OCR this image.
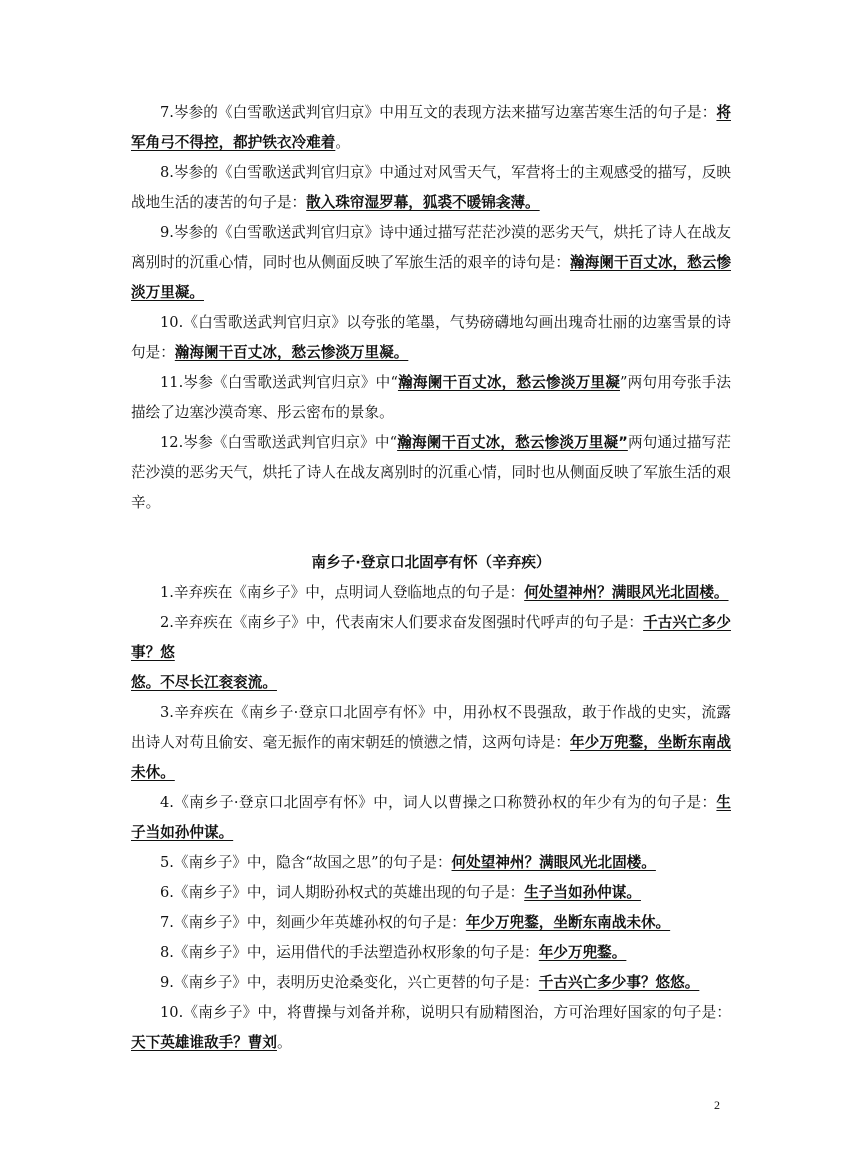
7.岑参的《白雪歌送武判官归京》中用互文的表现方法来描写边塞苦寒生活的句子是：将军角弓不得控，都护铁衣冷难着。

8.岑参的《白雪歌送武判官归京》中通过对风雪天气，军营将士的主观感受的描写，反映战地生活的凄苦的句子是：散入珠帘湿罗幕，狐裘不暖锦衾薄。

9.岑参的《白雪歌送武判官归京》诗中通过描写茫茫沙漠的恶劣天气，烘托了诗人在战友离别时的沉重心情，同时也从侧面反映了军旅生活的艰辛的诗句是：瀚海阑干百丈冰，愁云惨淡万里凝。

10.《白雪歌送武判官归京》以夸张的笔墨，气势磅礴地勾画出瑰奇壮丽的边塞雪景的诗句是：瀚海阑干百丈冰，愁云惨淡万里凝。

11.岑参《白雪歌送武判官归京》中“瀚海阑干百丈冰，愁云惨淡万里凝”两句用夸张手法描绘了边塞沙漠奇寒、彤云密布的景象。

12.岑参《白雪歌送武判官归京》中“瀚海阑干百丈冰，愁云惨淡万里凝”两句通过描写茫茫沙漠的恶劣天气，烘托了诗人在战友离别时的沉重心情，同时也从侧面反映了军旅生活的艰辛。

南乡子·登京口北固亭有怀（辛弃疾）

1.辛弃疾在《南乡子》中，点明词人登临地点的句子是：何处望神州？满眼风光北固楼。

2.辛弃疾在《南乡子》中，代表南宋人们要求奋发图强时代呼声的句子是：千古兴亡多少事？悠

悠。不尽长江衮衮流。

3.辛弃疾在《南乡子·登京口北固亭有怀》中，用孙权不畏强敌，敢于作战的史实，流露出诗人对苟且偷安、毫无振作的南宋朝廷的愤懑之情，这两句诗是：年少万兜鍪，坐断东南战未休。

4.《南乡子·登京口北固亭有怀》中，词人以曹操之口称赞孙权的年少有为的句子是：生子当如孙仲谋。

5.《南乡子》中，隐含“故国之思”的句子是：何处望神州？满眼风光北固楼。

6.《南乡子》中，词人期盼孙权式的英雄出现的句子是：生子当如孙仲谋。

7.《南乡子》中，刻画少年英雄孙权的句子是：年少万兜鍪，坐断东南战未休。

8.《南乡子》中，运用借代的手法塑造孙权形象的句子是：年少万兜鍪。

9.《南乡子》中，表明历史沧桑变化，兴亡更替的句子是：千古兴亡多少事？悠悠。

10.《南乡子》中，将曹操与刘备并称，说明只有励精图治，方可治理好国家的句子是：天下英雄谁敌手？曹刘。

2
